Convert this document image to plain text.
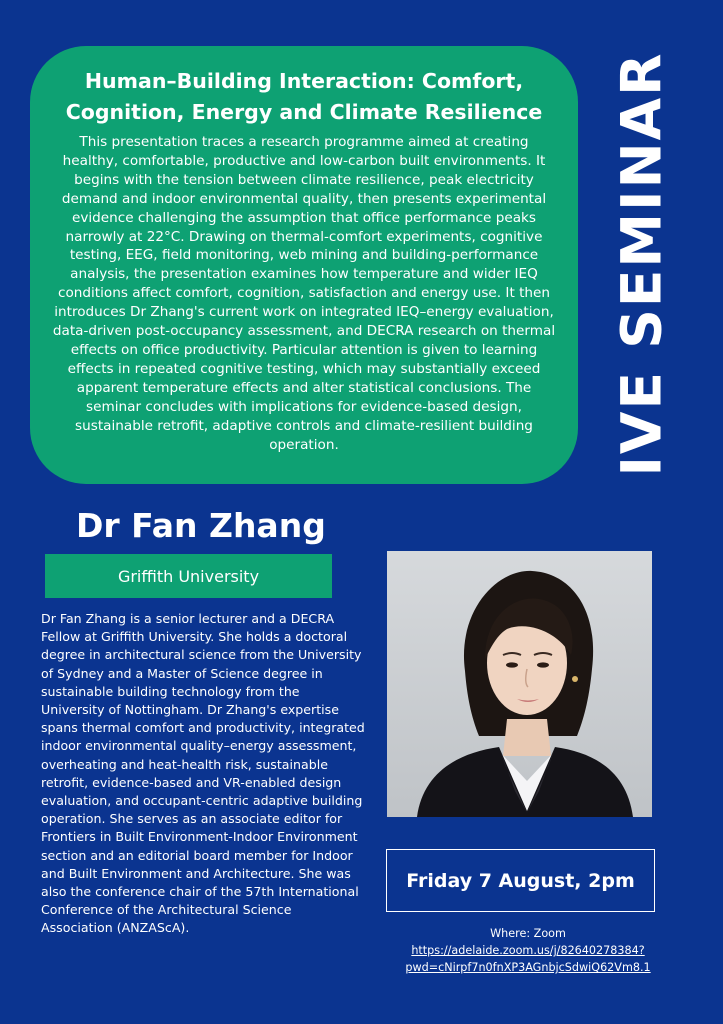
Human–Building Interaction: Comfort, Cognition, Energy and Climate Resilience

This presentation traces a research programme aimed at creating healthy, comfortable, productive and low-carbon built environments. It begins with the tension between climate resilience, peak electricity demand and indoor environmental quality, then presents experimental evidence challenging the assumption that office performance peaks narrowly at 22°C. Drawing on thermal-comfort experiments, cognitive testing, EEG, field monitoring, web mining and building-performance analysis, the presentation examines how temperature and wider IEQ conditions affect comfort, cognition, satisfaction and energy use. It then introduces Dr Zhang's current work on integrated IEQ–energy evaluation, data-driven post-occupancy assessment, and DECRA research on thermal effects on office productivity. Particular attention is given to learning effects in repeated cognitive testing, which may substantially exceed apparent temperature effects and alter statistical conclusions. The seminar concludes with implications for evidence-based design, sustainable retrofit, adaptive controls and climate-resilient building operation.	IVE SEMINAR
Dr Fan Zhang
Griffith University

Dr Fan Zhang is a senior lecturer and a DECRA Fellow at Griffith University. She holds a doctoral degree in architectural science from the University of Sydney and a Master of Science degree in sustainable building technology from the University of Nottingham. Dr Zhang's expertise spans thermal comfort and productivity, integrated indoor environmental quality–energy assessment, overheating and heat-health risk, sustainable retrofit, evidence-based and VR-enabled design evaluation, and occupant-centric adaptive building operation. She serves as an associate editor for Frontiers in Built Environment-Indoor Environment section and an editorial board member for Indoor and Built Environment and Architecture. She was also the conference chair of the 57th International Conference of the Architectural Science Association (ANZAScA).

Friday 7 August, 2pm
Where: Zoom
https://adelaide.zoom.us/j/82640278384?pwd=cNirpf7n0fnXP3AGnbjcSdwiQ62Vm8.1
